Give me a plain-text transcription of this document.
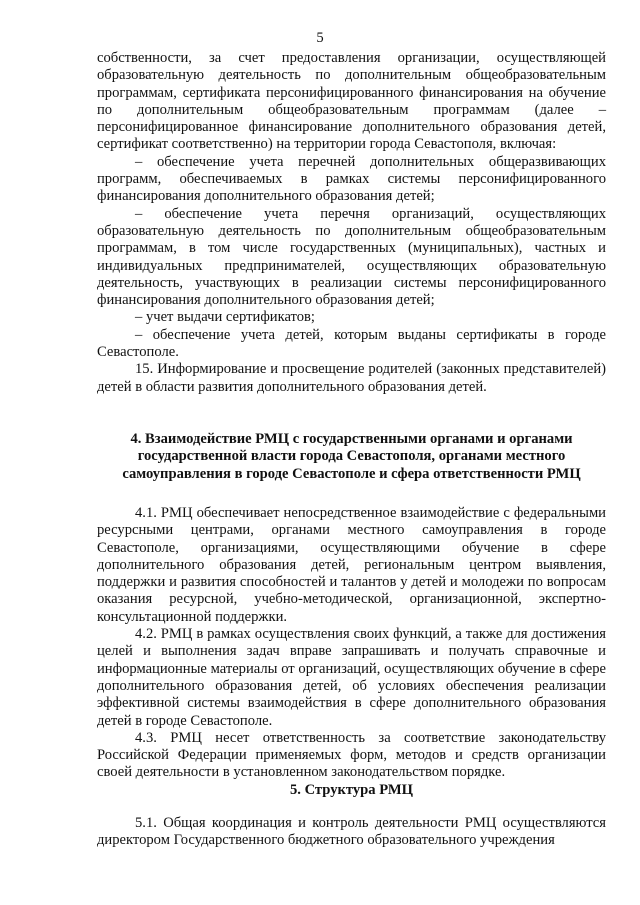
5

собственности, за счет предоставления организации, осуществляющей образовательную деятельность по дополнительным общеобразовательным программам, сертификата персонифицированного финансирования на обучение по дополнительным общеобразовательным программам (далее – персонифицированное финансирование дополнительного образования детей, сертификат соответственно) на территории города Севастополя, включая:

– обеспечение учета перечней дополнительных общеразвивающих программ, обеспечиваемых в рамках системы персонифицированного финансирования дополнительного образования детей;

– обеспечение учета перечня организаций, осуществляющих образовательную деятельность по дополнительным общеобразовательным программам, в том числе государственных (муниципальных), частных и индивидуальных предпринимателей, осуществляющих образовательную деятельность, участвующих в реализации системы персонифицированного финансирования дополнительного образования детей;

– учет выдачи сертификатов;

– обеспечение учета детей, которым выданы сертификаты в городе Севастополе.

15. Информирование и просвещение родителей (законных представителей) детей в области развития дополнительного образования детей.

4. Взаимодействие РМЦ с государственными органами и органами государственной власти города Севастополя, органами местного самоуправления в городе Севастополе и сфера ответственности РМЦ

4.1. РМЦ обеспечивает непосредственное взаимодействие с федеральными ресурсными центрами, органами местного самоуправления в городе Севастополе, организациями, осуществляющими обучение в сфере дополнительного образования детей, региональным центром выявления, поддержки и развития способностей и талантов у детей и молодежи по вопросам оказания ресурсной, учебно-методической, организационной, экспертно-консультационной поддержки.

4.2. РМЦ в рамках осуществления своих функций, а также для достижения целей и выполнения задач вправе запрашивать и получать справочные и информационные материалы от организаций, осуществляющих обучение в сфере дополнительного образования детей, об условиях обеспечения реализации эффективной системы взаимодействия в сфере дополнительного образования детей в городе Севастополе.

4.3. РМЦ несет ответственность за соответствие законодательству Российской Федерации применяемых форм, методов и средств организации своей деятельности в установленном законодательством порядке.

5. Структура РМЦ

5.1. Общая координация и контроль деятельности РМЦ осуществляются директором Государственного бюджетного образовательного учреждения
